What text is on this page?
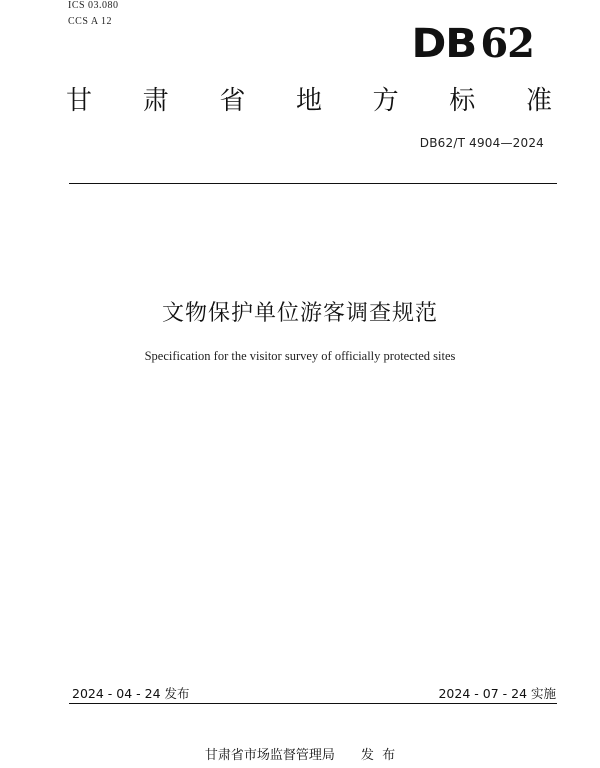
ICS 03.080
CCS A 12	DB 62
甘 肃 省 地 方 标 准
DB62/T 4904—2024
文物保护单位游客调查规范
Specification for the visitor survey of officially protected sites
2024 - 04 - 24 发布	2024 - 07 - 24 实施
甘肃省市场监督管理局 发  布
